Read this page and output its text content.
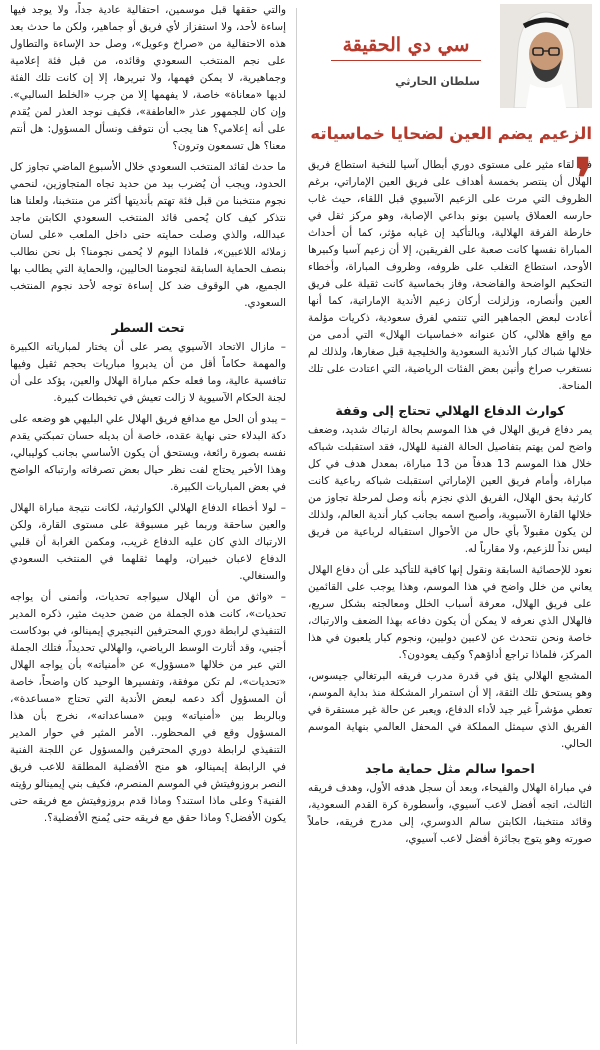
سي دي الحقيقة
سلطان الحارثي
الزعيم يضم العين لضحايا خماسياته
❜

في لقاء مثير على مستوى دوري أبطال آسيا للنخبة استطاع فريق الهلال أن ينتصر بخمسة أهداف على فريق العين الإماراتي، برغم الظروف التي مرت على الزعيم الآسيوي قبل اللقاء، حيث غاب حارسه العملاق ياسين بونو بداعي الإصابة، وهو مركز ثقل في خارطة الفرقة الهلالية، وبالتأكيد إن غيابه مؤثر، كما أن أحداث المباراة نفسها كانت صعبة على الفريقين، إلا أن زعيم آسيا وكبيرها الأوحد، استطاع التغلب على ظروفه، وظروف المباراة، وأخطاء التحكيم الواضحة والفاضحة، وفاز بخماسية كانت ثقيلة على فريق العين وأنصاره، وزلزلت أركان زعيم الأندية الإماراتية، كما أنها أعادت لبعض الجماهير التي تنتمي لفرق سعودية، ذكريات مؤلمة مع واقع هلالي، كان عنوانه «خماسيات الهلال» التي أدمى من خلالها شباك كبار الأندية السعودية والخليجية قبل صغارها، ولذلك لم نستغرب صراخ وأنين بعض الفئات الرياضية، التي اعتادت على تلك المناحة.

كوارث الدفاع الهلالي تحتاج إلى وقفة

يمر دفاع فريق الهلال في هذا الموسم بحالة ارتباك شديد، وضعف واضح لمن يهتم بتفاصيل الحالة الفنية للهلال، فقد استقبلت شباكه خلال هذا الموسم 13 هدفاً من 13 مباراة، بمعدل هدف في كل مباراة، وأمام فريق العين الإماراتي استقبلت شباكه رباعية كانت كارثية بحق الهلال، الفريق الذي نجزم بأنه وصل لمرحلة تجاوز من خلالها القارة الآسيوية، وأصبح اسمه بجانب كبار أندية العالم، ولذلك لن يكون مقبولاً بأي حال من الأحوال استقباله لرباعية من فريق ليس نداً للزعيم، ولا مقارباً له.

نعود للإحصائية السابقة ونقول إنها كافية للتأكيد على أن دفاع الهلال يعاني من خلل واضح في هذا الموسم، وهذا يوجب على القائمين على فريق الهلال، معرفة أسباب الخلل ومعالجته بشكل سريع، فالهلال الذي نعرفه لا يمكن أن يكون دفاعه بهذا الضعف والارتباك، خاصة ونحن نتحدث عن لاعبين دوليين، ونجوم كبار يلعبون في هذا المركز، فلماذا تراجع أداؤهم؟ وكيف يعودون؟.

المشجع الهلالي يثق في قدرة مدرب فريقه البرتغالي جيسوس، وهو يستحق تلك الثقة، إلا أن استمرار المشكلة منذ بداية الموسم، تعطي مؤشراً غير جيد لأداء الدفاع، ويعبر عن حالة غير مستقرة في الفريق الذي سيمثل المملكة في المحفل العالمي بنهاية الموسم الحالي.

احموا سالم مثل حماية ماجد

في مباراة الهلال والفيحاء، وبعد أن سجل هدفه الأول، وهدف فريقه الثالث، اتجه أفضل لاعب آسيوي، وأسطورة كرة القدم السعودية، وقائد منتخبنا، الكابتن سالم الدوسري، إلى مدرج فريقه، حاملاً صورته وهو يتوج بجائزة أفضل لاعب آسيوي،

والتي حققها قبل موسمين، احتفالية عادية جداً، ولا يوجد فيها إساءة لأحد، ولا استفزاز لأي فريق أو جماهير، ولكن ما حدث بعد هذه الاحتفالية من «صراخ وعويل»، وصل حد الإساءة والتطاول على نجم المنتخب السعودي وقائده، من قبل فئة إعلامية وجماهيرية، لا يمكن فهمها، ولا تبريرها، إلا إن كانت تلك الفئة لديها «معاناة» خاصة، لا يفهمها إلا من جرب «الخلط السالبي». وإن كان للجمهور عذر «العاطفة»، فكيف نوجد العذر لمن يُقدم على أنه إعلامي؟ هنا يجب أن نتوقف ونسأل المسؤول: هل أنتم معنا؟ هل تسمعون وترون؟

ما حدث لقائد المنتخب السعودي خلال الأسبوع الماضي تجاوز كل الحدود، ويجب أن يُضرب بيد من حديد تجاه المتجاوزين، لنحمي نجوم منتخبنا من قبل فئة تهتم بأنديتها أكثر من منتخبنا، ولعلنا هنا نتذكر كيف كان يُحمى قائد المنتخب السعودي الكابتن ماجد عبدالله، والذي وصلت حمايته حتى داخل الملعب «على لسان زملائه اللاعبين»، فلماذا اليوم لا يُحمى نجومنا؟ بل نحن نطالب بنصف الحماية السابقة لنجومنا الحاليين، والحماية التي يطالب بها الجميع، هي الوقوف ضد كل إساءة توجه لأحد نجوم المنتخب السعودي.

تحت السطر

– مازال الاتحاد الآسيوي يصر على أن يختار لمبارياته الكبيرة والمهمة حكاماً أقل من أن يديروا مباريات بحجم ثقيل وفيها تنافسية عالية، وما فعله حكم مباراة الهلال والعين، يؤكد على أن لجنة الحكام الآسيوية لا زالت تعيش في تخبطات كبيرة.

– يبدو أن الحل مع مدافع فريق الهلال علي البليهي هو وضعه على دكة البدلاء حتى نهاية عقده، خاصة أن بديله حسان تمبكتي يقدم نفسه بصورة رائعة، ويستحق أن يكون الأساسي بجانب كوليبالي، وهذا الأخير يحتاج لفت نظر حيال بعض تصرفاته وارتباكه الواضح في بعض المباريات الكبيرة.

– لولا أخطاء الدفاع الهلالي الكوارثية، لكانت نتيجة مباراة الهلال والعين ساحقة وربما غير مسبوقة على مستوى القارة، ولكن الارتباك الذي كان عليه الدفاع غريب، ومكمن الغرابة أن قلبي الدفاع لاعبان خبيران، ولهما ثقلهما في المنتخب السعودي والسنغالي.

– «واثق من أن الهلال سيواجه تحديات، وأتمنى أن يواجه تحديات»، كانت هذه الجملة من ضمن حديث مثير، ذكره المدير التنفيذي لرابطة دوري المحترفين النيجيري إيمينالو، في بودكاست أجنبي، وقد أثارت الوسط الرياضي، والهلالي تحديداً، فتلك الجملة التي عبر من خلالها «مسؤول» عن «أمنياته» بأن يواجه الهلال «تحديات»، لم تكن موفقة، وتفسيرها الوحيد كان واضحاً، خاصة أن المسؤول أكد دعمه لبعض الأندية التي تحتاج «مساعدة»، وبالربط بين «أمنياته» وبين «مساعداته»، نخرج بأن هذا المسؤول وقع في المحظور.. الأمر المثير في حوار المدير التنفيذي لرابطة دوري المحترفين والمسؤول عن اللجنة الفنية في الرابطة إيمينالو، هو منح الأفضلية المطلقة للاعب فريق النصر بروزوفيتش في الموسم المنصرم، فكيف بني إيمينالو رؤيته الفنية؟ وعلى ماذا استند؟ وماذا قدم بروزوفيتش مع فريقه حتى يكون الأفضل؟ وماذا حقق مع فريقه حتى يُمنح الأفضلية؟.
